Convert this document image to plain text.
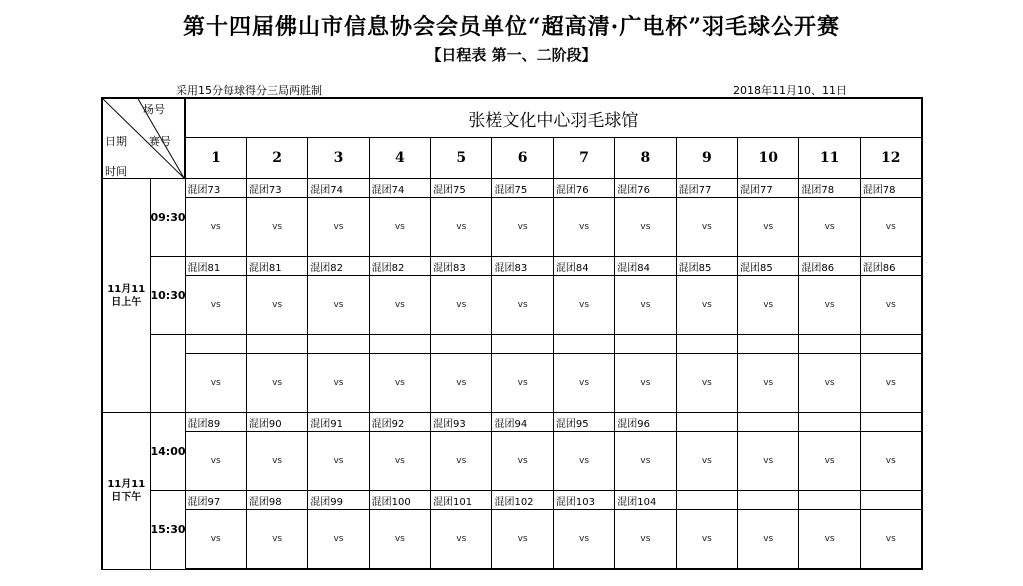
第十四届佛山市信息协会会员单位“超高清·广电杯”羽毛球公开赛
【日程表 第一、二阶段】
采用15分每球得分三局两胜制	2018年11月10、11日
场号
赛号
日期
时间		张槎文化中心羽毛球馆											
		1	2	3	4	5	6	7	8	9	10	11	12
11月11日上午	09:30	混团73	混团73	混团74	混团74	混团75	混团75	混团76	混团76	混团77	混团77	混团78	混团78
		vs	vs	vs	vs	vs	vs	vs	vs	vs	vs	vs	vs
	10:30	混团81	混团81	混团82	混团82	混团83	混团83	混团84	混团84	混团85	混团85	混团86	混团86
		vs	vs	vs	vs	vs	vs	vs	vs	vs	vs	vs	vs

		vs	vs	vs	vs	vs	vs	vs	vs	vs	vs	vs	vs
11月11日下午	14:00	混团89	混团90	混团91	混团92	混团93	混团94	混团95	混团96				
		vs	vs	vs	vs	vs	vs	vs	vs	vs	vs	vs	vs
	15:30	混团97	混团98	混团99	混团100	混团101	混团102	混团103	混团104				
		vs	vs	vs	vs	vs	vs	vs	vs	vs	vs	vs	vs
